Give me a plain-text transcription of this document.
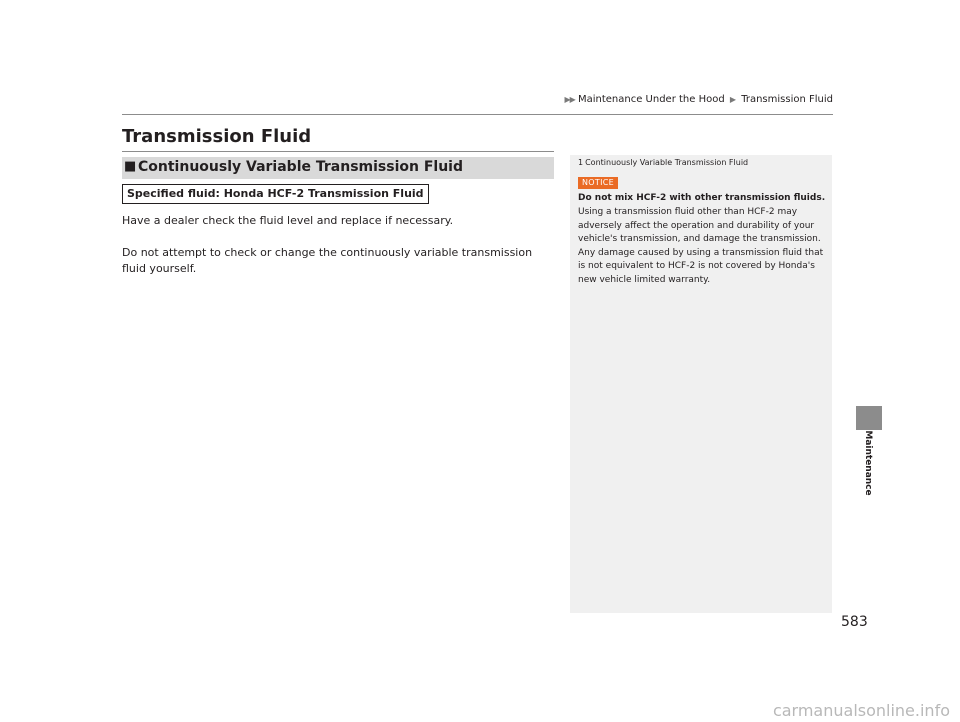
▶▶ Maintenance Under the Hood ▶ Transmission Fluid
Transmission Fluid
■ Continuously Variable Transmission Fluid
Specified fluid: Honda HCF-2 Transmission Fluid
Have a dealer check the fluid level and replace if necessary.
Do not attempt to check or change the continuously variable transmission fluid yourself.
1 Continuously Variable Transmission Fluid
NOTICE
Do not mix HCF-2 with other transmission fluids.
Using a transmission fluid other than HCF-2 may adversely affect the operation and durability of your vehicle's transmission, and damage the transmission. Any damage caused by using a transmission fluid that is not equivalent to HCF-2 is not covered by Honda's new vehicle limited warranty.
Maintenance
583
carmanualsonline.info
